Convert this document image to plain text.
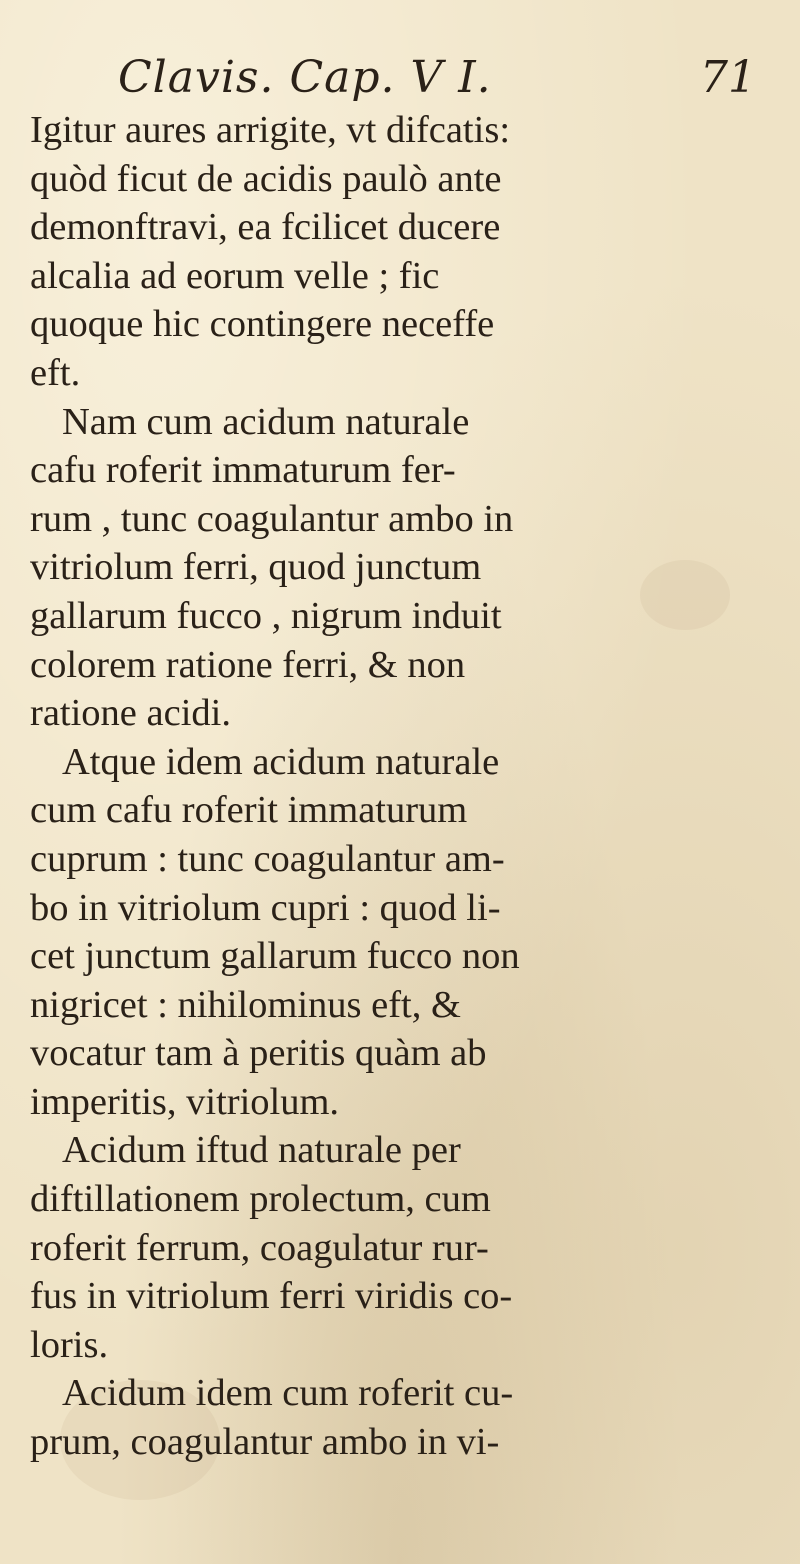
Clavis. Cap. V I.	71
Igitur aures arrigite, vt difcatis:
quòd ficut de acidis paulò ante
demonftravi, ea fcilicet ducere
alcalia ad eorum velle ; fic
quoque hic contingere neceffe
eft.
Nam cum acidum naturale
cafu roferit immaturum fer-
rum , tunc coagulantur ambo in
vitriolum ferri, quod junctum
gallarum fucco , nigrum induit
colorem ratione ferri, & non
ratione acidi.
Atque idem acidum naturale
cum cafu roferit immaturum
cuprum : tunc coagulantur am-
bo in vitriolum cupri : quod li-
cet junctum gallarum fucco non
nigricet : nihilominus eft, &
vocatur tam à peritis quàm ab
imperitis, vitriolum.
Acidum iftud naturale per
diftillationem prolectum, cum
roferit ferrum, coagulatur rur-
fus in vitriolum ferri viridis co-
loris.
Acidum idem cum roferit cu-
prum, coagulantur ambo in vi-
